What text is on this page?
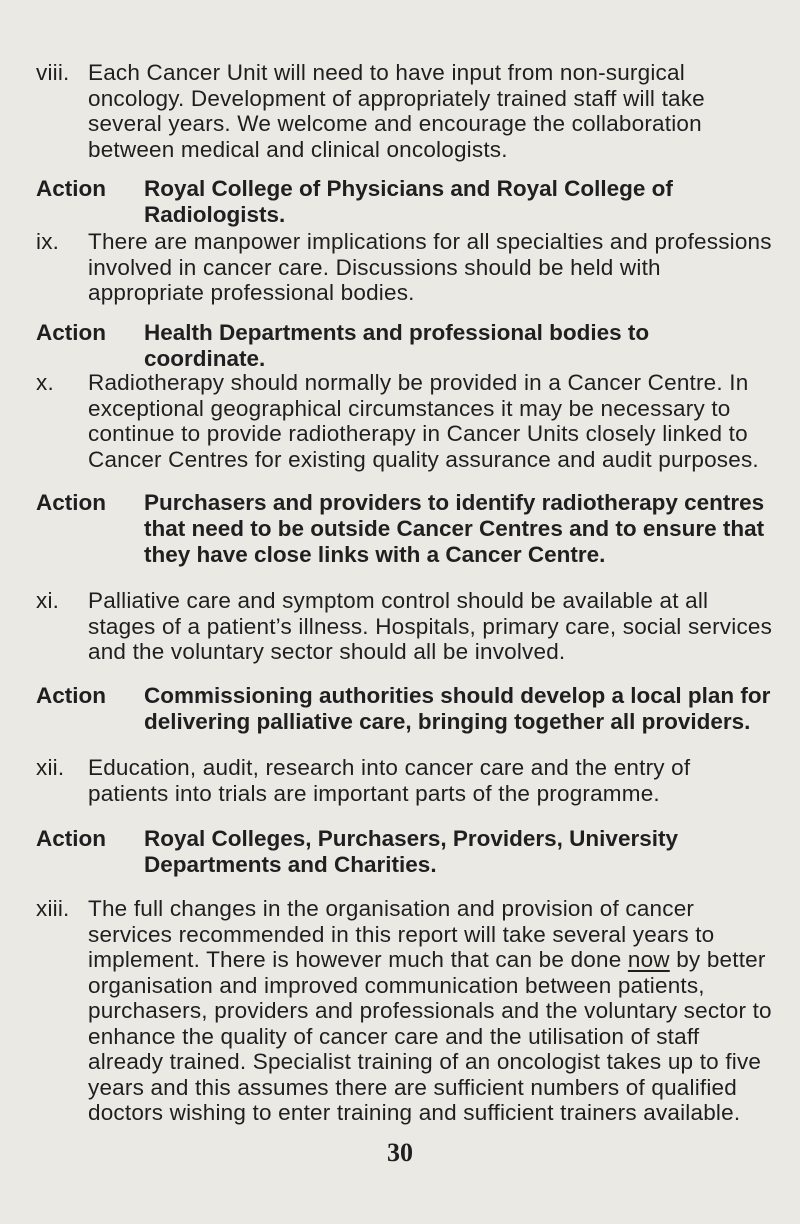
viii. Each Cancer Unit will need to have input from non-surgical oncology. Development of appropriately trained staff will take several years. We welcome and encourage the collaboration between medical and clinical oncologists.
Action	Royal College of Physicians and Royal College of Radiologists.
ix.	There are manpower implications for all specialties and professions involved in cancer care. Discussions should be held with appropriate professional bodies.
Action	Health Departments and professional bodies to coordinate.
x.	Radiotherapy should normally be provided in a Cancer Centre. In exceptional geographical circumstances it may be necessary to continue to provide radiotherapy in Cancer Units closely linked to Cancer Centres for existing quality assurance and audit purposes.
Action	Purchasers and providers to identify radiotherapy centres that need to be outside Cancer Centres and to ensure that they have close links with a Cancer Centre.
xi.	Palliative care and symptom control should be available at all stages of a patient’s illness. Hospitals, primary care, social services and the voluntary sector should all be involved.
Action	Commissioning authorities should develop a local plan for delivering palliative care, bringing together all providers.
xii.	Education, audit, research into cancer care and the entry of patients into trials are important parts of the programme.
Action	Royal Colleges, Purchasers, Providers, University Departments and Charities.
xiii. The full changes in the organisation and provision of cancer services recommended in this report will take several years to implement. There is however much that can be done now by better organisation and improved communication between patients, purchasers, providers and professionals and the voluntary sector to enhance the quality of cancer care and the utilisation of staff already trained. Specialist training of an oncologist takes up to five years and this assumes there are sufficient numbers of qualified doctors wishing to enter training and sufficient trainers available.
30
